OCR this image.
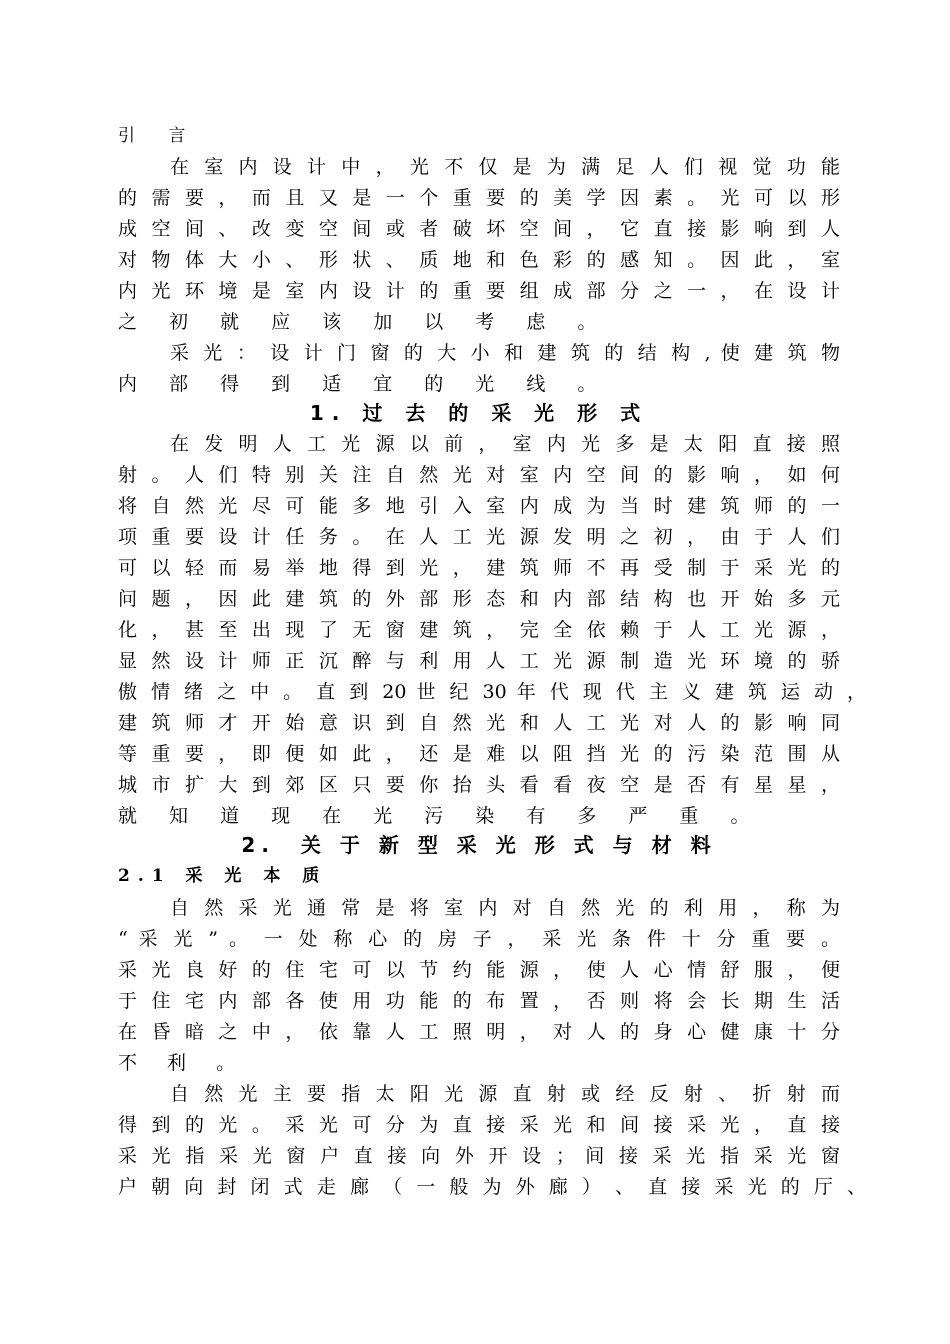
引 言
在 室 内 设 计 中 ， 光 不 仅 是 为 满 足 人 们 视 觉 功 能
的 需 要 ， 而 且 又 是 一 个 重 要 的 美 学 因 素 。 光 可 以 形
成 空 间 、 改 变 空 间 或 者 破 坏 空 间 ， 它 直 接 影 响 到 人
对 物 体 大 小 、 形 状 、 质 地 和 色 彩 的 感 知 。 因 此 ， 室
内 光 环 境 是 室 内 设 计 的 重 要 组 成 部 分 之 一 ， 在 设 计
之 初 就 应 该 加 以 考 虑 。
采 光 ： 设 计 门 窗 的 大 小 和 建 筑 的 结 构 , 使 建 筑 物
内 部 得 到 适 宜 的 光 线 。
1. 过 去 的 采 光 形 式
在 发 明 人 工 光 源 以 前 ， 室 内 光 多 是 太 阳 直 接 照
射 。 人 们 特 别 关 注 自 然 光 对 室 内 空 间 的 影 响 ， 如 何
将 自 然 光 尽 可 能 多 地 引 入 室 内 成 为 当 时 建 筑 师 的 一
项 重 要 设 计 任 务 。 在 人 工 光 源 发 明 之 初 ， 由 于 人 们
可 以 轻 而 易 举 地 得 到 光 ， 建 筑 师 不 再 受 制 于 采 光 的
问 题 ， 因 此 建 筑 的 外 部 形 态 和 内 部 结 构 也 开 始 多 元
化 ， 甚 至 出 现 了 无 窗 建 筑 ， 完 全 依 赖 于 人 工 光 源 ，
显 然 设 计 师 正 沉 醉 与 利 用 人 工 光 源 制 造 光 环 境 的 骄
傲 情 绪 之 中 。 直 到 20 世 纪 30 年 代 现 代 主 义 建 筑 运 动 ，
建 筑 师 才 开 始 意 识 到 自 然 光 和 人 工 光 对 人 的 影 响 同
等 重 要 ， 即 便 如 此 ， 还 是 难 以 阻 挡 光 的 污 染 范 围 从
城 市 扩 大 到 郊 区 只 要 你 抬 头 看 看 夜 空 是 否 有 星 星 ，
就 知 道 现 在 光 污 染 有 多 严 重 。
2.　关 于 新 型 采 光 形 式 与 材 料
2.1 采 光 本 质
自 然 采 光 通 常 是 将 室 内 对 自 然 光 的 利 用 ， 称 为
“ 采 光 ” 。 一 处 称 心 的 房 子 ， 采 光 条 件 十 分 重 要 。
采 光 良 好 的 住 宅 可 以 节 约 能 源 ， 使 人 心 情 舒 服 ， 便
于 住 宅 内 部 各 使 用 功 能 的 布 置 ， 否 则 将 会 长 期 生 活
在 昏 暗 之 中 ， 依 靠 人 工 照 明 ， 对 人 的 身 心 健 康 十 分
不 利 。
自 然 光 主 要 指 太 阳 光 源 直 射 或 经 反 射 、 折 射 而
得 到 的 光 。 采 光 可 分 为 直 接 采 光 和 间 接 采 光 ， 直 接
采 光 指 采 光 窗 户 直 接 向 外 开 设 ； 间 接 采 光 指 采 光 窗
户 朝 向 封 闭 式 走 廊 （ 一 般 为 外 廊 ） 、 直 接 采 光 的 厅 、
